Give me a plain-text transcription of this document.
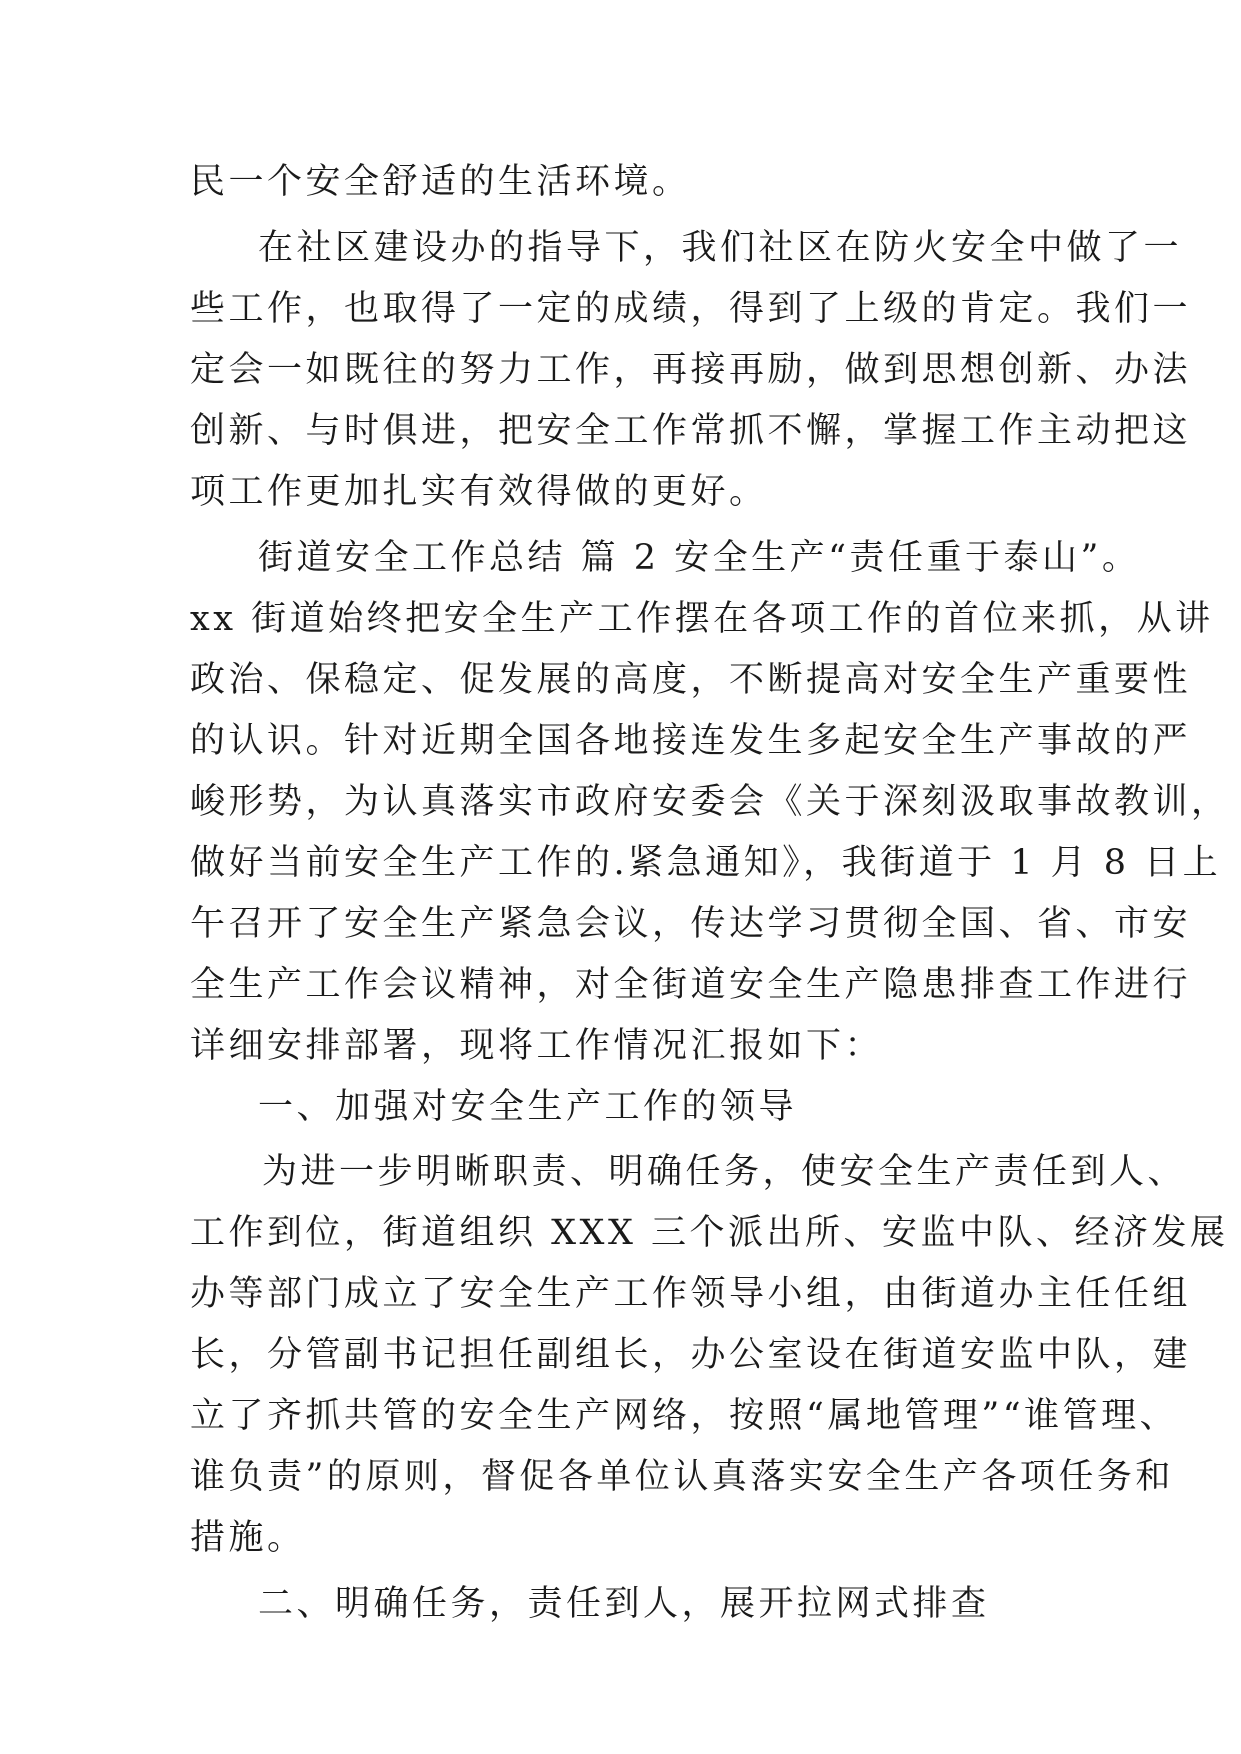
民一个安全舒适的生活环境。
在社区建设办的指导下，我们社区在防火安全中做了一
些工作，也取得了一定的成绩，得到了上级的肯定。我们一
定会一如既往的努力工作，再接再励，做到思想创新、办法
创新、与时俱进，把安全工作常抓不懈，掌握工作主动把这
项工作更加扎实有效得做的更好。
街道安全工作总结 篇 2 安全生产“责任重于泰山”。
xx 街道始终把安全生产工作摆在各项工作的首位来抓，从讲
政治、保稳定、促发展的高度，不断提高对安全生产重要性
的认识。针对近期全国各地接连发生多起安全生产事故的严
峻形势，为认真落实市政府安委会《关于深刻汲取事故教训，
做好当前安全生产工作的.紧急通知》，我街道于 1 月 8 日上
午召开了安全生产紧急会议，传达学习贯彻全国、省、市安
全生产工作会议精神，对全街道安全生产隐患排查工作进行
详细安排部署，现将工作情况汇报如下：
一、加强对安全生产工作的领导
为进一步明晰职责、明确任务，使安全生产责任到人、
工作到位，街道组织 XXX 三个派出所、安监中队、经济发展
办等部门成立了安全生产工作领导小组，由街道办主任任组
长，分管副书记担任副组长，办公室设在街道安监中队，建
立了齐抓共管的安全生产网络，按照“属地管理”“谁管理、
谁负责”的原则，督促各单位认真落实安全生产各项任务和
措施。
二、明确任务，责任到人，展开拉网式排查
